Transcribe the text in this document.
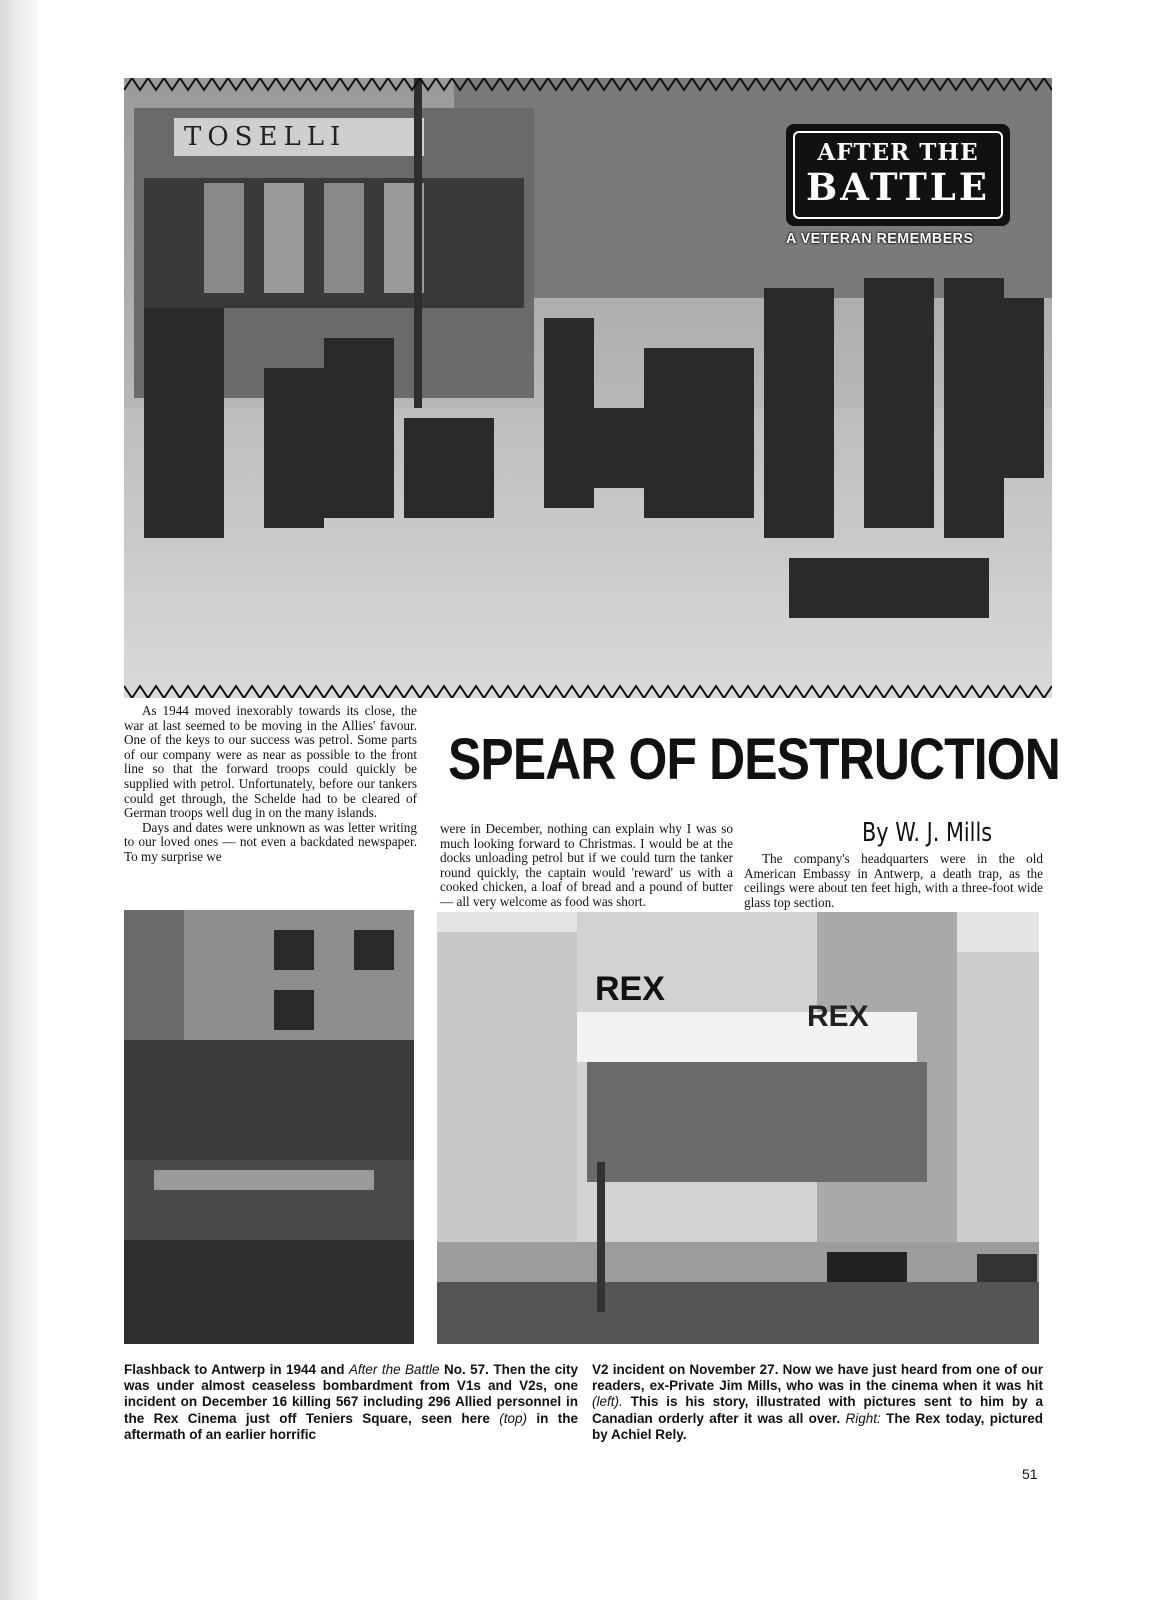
TOSELLI
AFTER THE
BATTLE
A VETERAN REMEMBERS
SPEAR OF DESTRUCTION
By W. J. Mills

As 1944 moved inexorably towards its close, the war at last seemed to be moving in the Allies' favour. One of the keys to our success was petrol. Some parts of our company were as near as possible to the front line so that the forward troops could quickly be supplied with petrol. Unfortunately, before our tankers could get through, the Schelde had to be cleared of German troops well dug in on the many islands.

Days and dates were unknown as was letter writing to our loved ones — not even a backdated newspaper. To my surprise we

were in December, nothing can explain why I was so much looking forward to Christmas. I would be at the docks unloading petrol but if we could turn the tanker round quickly, the captain would 'reward' us with a cooked chicken, a loaf of bread and a pound of butter — all very welcome as food was short.

The company's headquarters were in the old American Embassy in Antwerp, a death trap, as the ceilings were about ten feet high, with a three-foot wide glass top section.

REX
REX
Flashback to Antwerp in 1944 and After the Battle No. 57. Then the city was under almost ceaseless bombardment from V1s and V2s, one incident on December 16 killing 567 including 296 Allied personnel in the Rex Cinema just off Teniers Square, seen here (top) in the aftermath of an earlier horrific
V2 incident on November 27. Now we have just heard from one of our readers, ex-Private Jim Mills, who was in the cinema when it was hit (left). This is his story, illustrated with pictures sent to him by a Canadian orderly after it was all over. Right: The Rex today, pictured by Achiel Rely.
51
